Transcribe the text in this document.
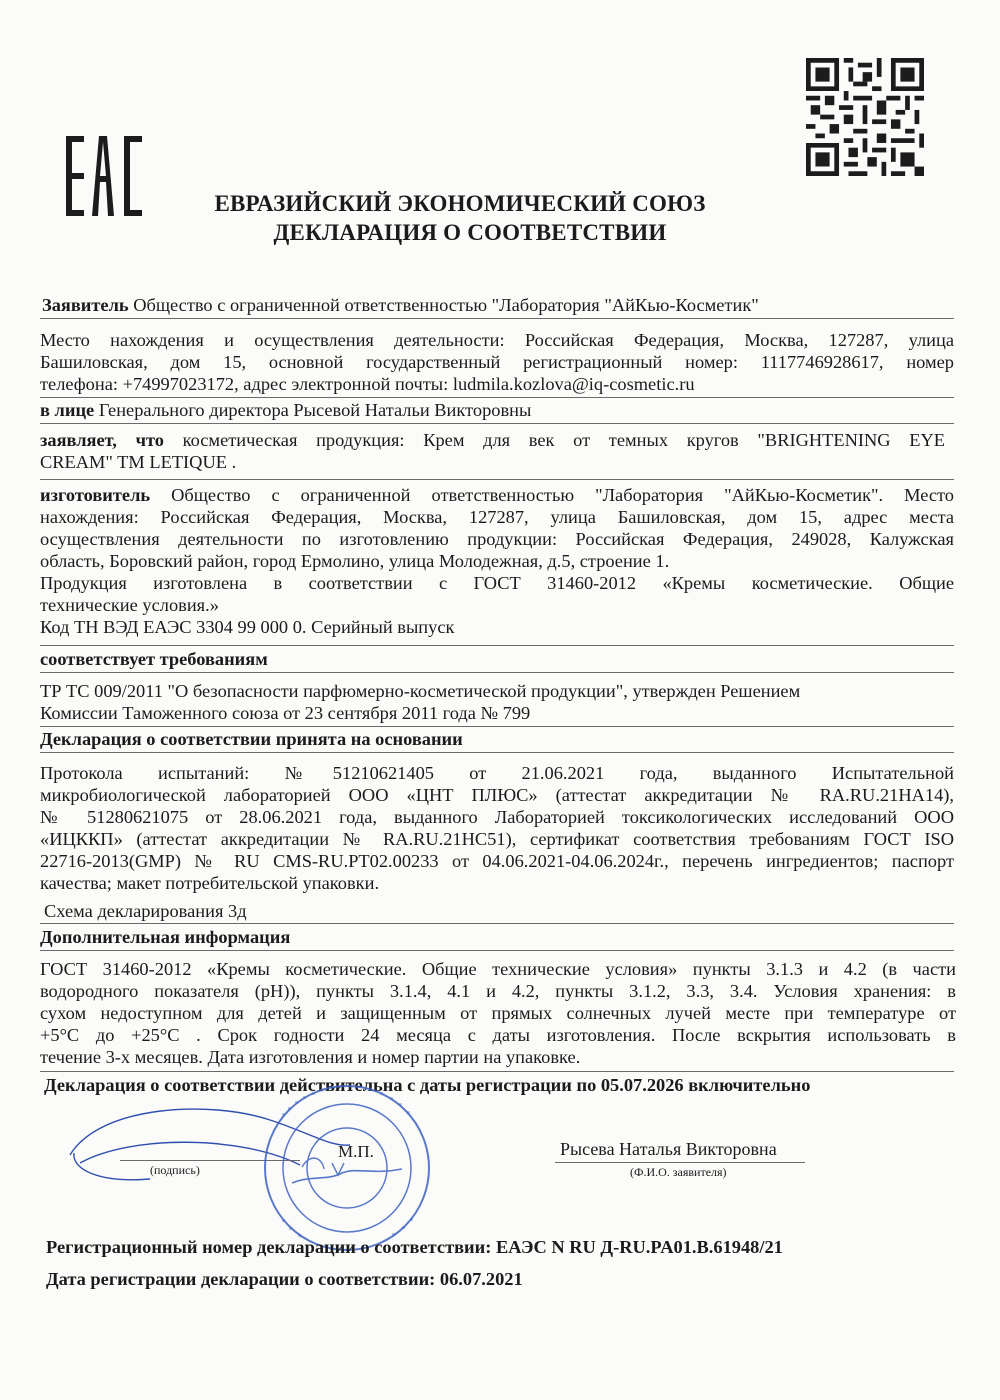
ЕВРАЗИЙСКИЙ ЭКОНОМИЧЕСКИЙ СОЮЗ
ДЕКЛАРАЦИЯ О СООТВЕТСТВИИ
Заявитель Общество с ограниченной ответственностью "Лаборатория "АйКью-Косметик"
Место нахождения и осуществления деятельности: Российская Федерация, Москва, 127287, улица
Башиловская, дом 15, основной государственный регистрационный номер: 1117746928617, номер
телефона: +74997023172, адрес электронной почты: ludmila.kozlova@iq-cosmetic.ru
в лице Генерального директора Рысевой Натальи Викторовны
заявляет, что косметическая продукция: Крем для век от темных кругов "BRIGHTENING EYE
CREAM" TM LETIQUE .
изготовитель Общество с ограниченной ответственностью "Лаборатория "АйКью-Косметик". Место
нахождения: Российская Федерация, Москва, 127287, улица Башиловская, дом 15, адрес места
осуществления деятельности по изготовлению продукции: Российская Федерация, 249028, Калужская
область, Боровский район, город Ермолино, улица Молодежная, д.5, строение 1.
Продукция изготовлена в соответствии с ГОСТ 31460-2012 «Кремы косметические. Общие
технические условия.»
Код ТН ВЭД ЕАЭС 3304 99 000 0. Серийный выпуск
соответствует требованиям
ТР ТС 009/2011 "О безопасности парфюмерно-косметической продукции", утвержден Решением
Комиссии Таможенного союза от 23 сентября 2011 года № 799
Декларация о соответствии принята на основании
Протокола испытаний: №51210621405 от 21.06.2021 года, выданного Испытательной
микробиологической лабораторией ООО «ЦНТ ПЛЮС» (аттестат аккредитации № RA.RU.21НА14),
№ 51280621075 от 28.06.2021 года, выданного Лабораторией токсикологических исследований ООО
«ИЦККП» (аттестат аккредитации № RA.RU.21НС51), сертификат соответствия требованиям ГОСТ ISO
22716-2013(GMP) № RU CMS-RU.PT02.00233 от 04.06.2021-04.06.2024г., перечень ингредиентов; паспорт
качества; макет потребительской упаковки.
Схема декларирования 3д
Дополнительная информация
ГОСТ 31460-2012 «Кремы косметические. Общие технические условия» пункты 3.1.3 и 4.2 (в части
водородного показателя (pH)), пункты 3.1.4, 4.1 и 4.2, пункты 3.1.2, 3.3, 3.4. Условия хранения: в
сухом недоступном для детей и защищенным от прямых солнечных лучей месте при температуре от
+5°С до +25°С . Срок годности 24 месяца с даты изготовления. После вскрытия использовать в
течение 3-х месяцев. Дата изготовления и номер партии на упаковке.
Декларация о соответствии действительна с даты регистрации по 05.07.2026 включительно
(подпись)
М.П.	Рысева Наталья Викторовна
(Ф.И.О. заявителя)
Регистрационный номер декларации о соответствии: ЕАЭС N RU Д-RU.PA01.B.61948/21
Дата регистрации декларации о соответствии: 06.07.2021
